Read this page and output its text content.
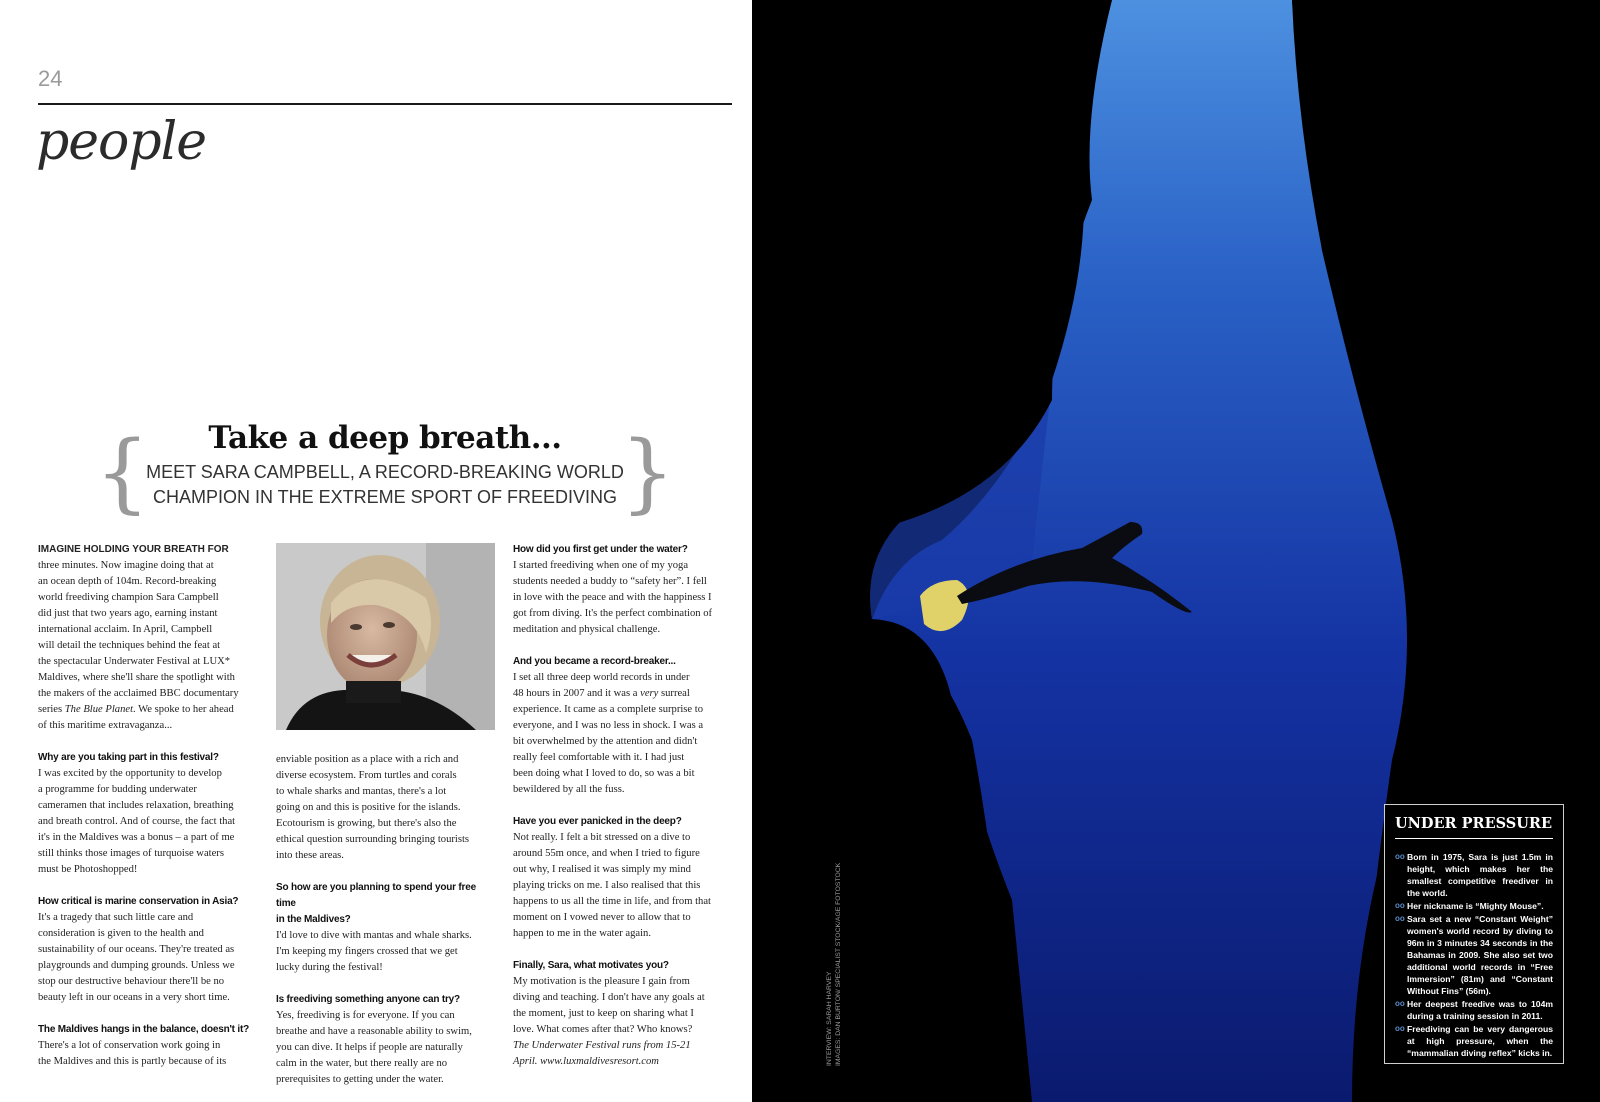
24
people
{	}
Take a deep breath...
MEET SARA CAMPBELL, A RECORD-BREAKING WORLD
CHAMPION IN THE EXTREME SPORT OF FREEDIVING
IMAGINE HOLDING YOUR BREATH FOR
three minutes. Now imagine doing that at
an ocean depth of 104m. Record-breaking
world freediving champion Sara Campbell
did just that two years ago, earning instant
international acclaim. In April, Campbell
will detail the techniques behind the feat at
the spectacular Underwater Festival at LUX*
Maldives, where she'll share the spotlight with
the makers of the acclaimed BBC documentary
series The Blue Planet. We spoke to her ahead
of this maritime extravaganza...
Why are you taking part in this festival?
I was excited by the opportunity to develop
a programme for budding underwater
cameramen that includes relaxation, breathing
and breath control. And of course, the fact that
it's in the Maldives was a bonus – a part of me
still thinks those images of turquoise waters
must be Photoshopped!
How critical is marine conservation in Asia?
It's a tragedy that such little care and
consideration is given to the health and
sustainability of our oceans. They're treated as
playgrounds and dumping grounds. Unless we
stop our destructive behaviour there'll be no
beauty left in our oceans in a very short time.
The Maldives hangs in the balance, doesn't it?
There's a lot of conservation work going in
the Maldives and this is partly because of its
enviable position as a place with a rich and
diverse ecosystem. From turtles and corals
to whale sharks and mantas, there's a lot
going on and this is positive for the islands.
Ecotourism is growing, but there's also the
ethical question surrounding bringing tourists
into these areas.
So how are you planning to spend your free time
in the Maldives?
I'd love to dive with mantas and whale sharks.
I'm keeping my fingers crossed that we get
lucky during the festival!
Is freediving something anyone can try?
Yes, freediving is for everyone. If you can
breathe and have a reasonable ability to swim,
you can dive. It helps if people are naturally
calm in the water, but there really are no
prerequisites to getting under the water.
How did you first get under the water?
I started freediving when one of my yoga
students needed a buddy to “safety her”. I fell
in love with the peace and with the happiness I
got from diving. It's the perfect combination of
meditation and physical challenge.
And you became a record-breaker...
I set all three deep world records in under
48 hours in 2007 and it was a very surreal
experience. It came as a complete surprise to
everyone, and I was no less in shock. I was a
bit overwhelmed by the attention and didn't
really feel comfortable with it. I had just
been doing what I loved to do, so was a bit
bewildered by all the fuss.
Have you ever panicked in the deep?
Not really. I felt a bit stressed on a dive to
around 55m once, and when I tried to figure
out why, I realised it was simply my mind
playing tricks on me. I also realised that this
happens to us all the time in life, and from that
moment on I vowed never to allow that to
happen to me in the water again.
Finally, Sara, what motivates you?
My motivation is the pleasure I gain from
diving and teaching. I don't have any goals at
the moment, just to keep on sharing what I
love. What comes after that? Who knows?
The Underwater Festival runs from 15-21
April. www.luxmaldivesresort.com	INTERVIEW: SARAH HARVEY IMAGES: DAN BURTON/ SPECIALIST STOCK/AGE FOTOSTOCK
UNDER PRESSURE
oo Born in 1975, Sara is just 1.5m in height, which makes her the smallest competitive freediver in the world.
oo Her nickname is “Mighty Mouse”.
oo Sara set a new “Constant Weight” women's world record by diving to 96m in 3 minutes 34 seconds in the Bahamas in 2009. She also set two additional world records in “Free Immersion” (81m) and “Constant Without Fins” (56m).
oo Her deepest freedive was to 104m during a training session in 2011.
oo Freediving can be very dangerous at high pressure, when the “mammalian diving reflex” kicks in.
